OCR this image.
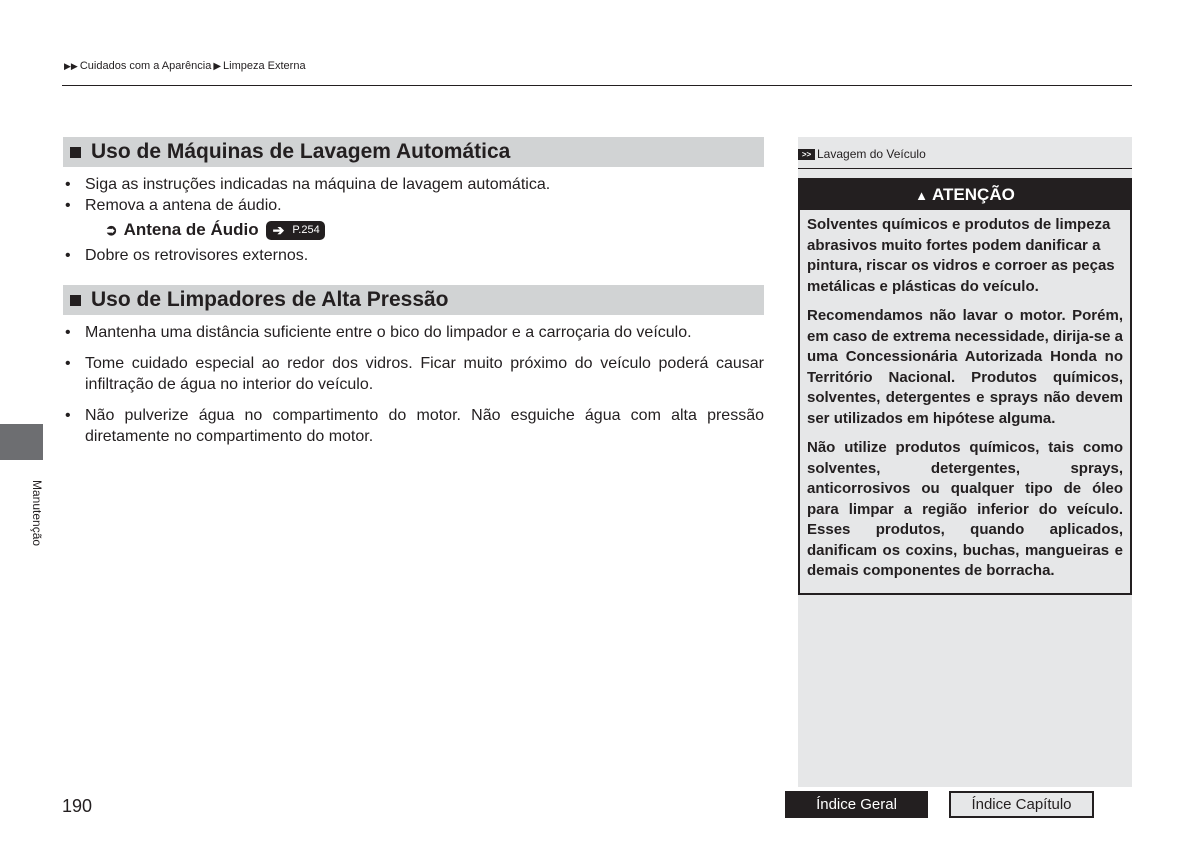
▶▶ Cuidados com a Aparência ▶ Limpeza Externa
Manutenção
Uso de Máquinas de Lavagem Automática
• Siga as instruções indicadas na máquina de lavagem automática.
• Remova a antena de áudio.
➲ Antena de Áudio ➔ P.254
• Dobre os retrovisores externos.
Uso de Limpadores de Alta Pressão
• Mantenha uma distância suficiente entre o bico do limpador e a carroçaria do veículo.
• Tome cuidado especial ao redor dos vidros. Ficar muito próximo do veículo poderá causar infiltração de água no interior do veículo.
• Não pulverize água no compartimento do motor. Não esguiche água com alta pressão diretamente no compartimento do motor.
>> Lavagem do Veículo
▲ ATENÇÃO

Solventes químicos e produtos de limpeza abrasivos muito fortes podem danificar a pintura, riscar os vidros e corroer as peças metálicas e plásticas do veículo.

Recomendamos não lavar o motor. Porém, em caso de extrema necessidade, dirija-se a uma Concessionária Autorizada Honda no Território Nacional. Produtos químicos, solventes, detergentes e sprays não devem ser utilizados em hipótese alguma.

Não utilize produtos químicos, tais como solventes, detergentes, sprays, anticorrosivos ou qualquer tipo de óleo para limpar a região inferior do veículo. Esses produtos, quando aplicados, danificam os coxins, buchas, mangueiras e demais componentes de borracha.

190	Índice Geral	Índice Capítulo
